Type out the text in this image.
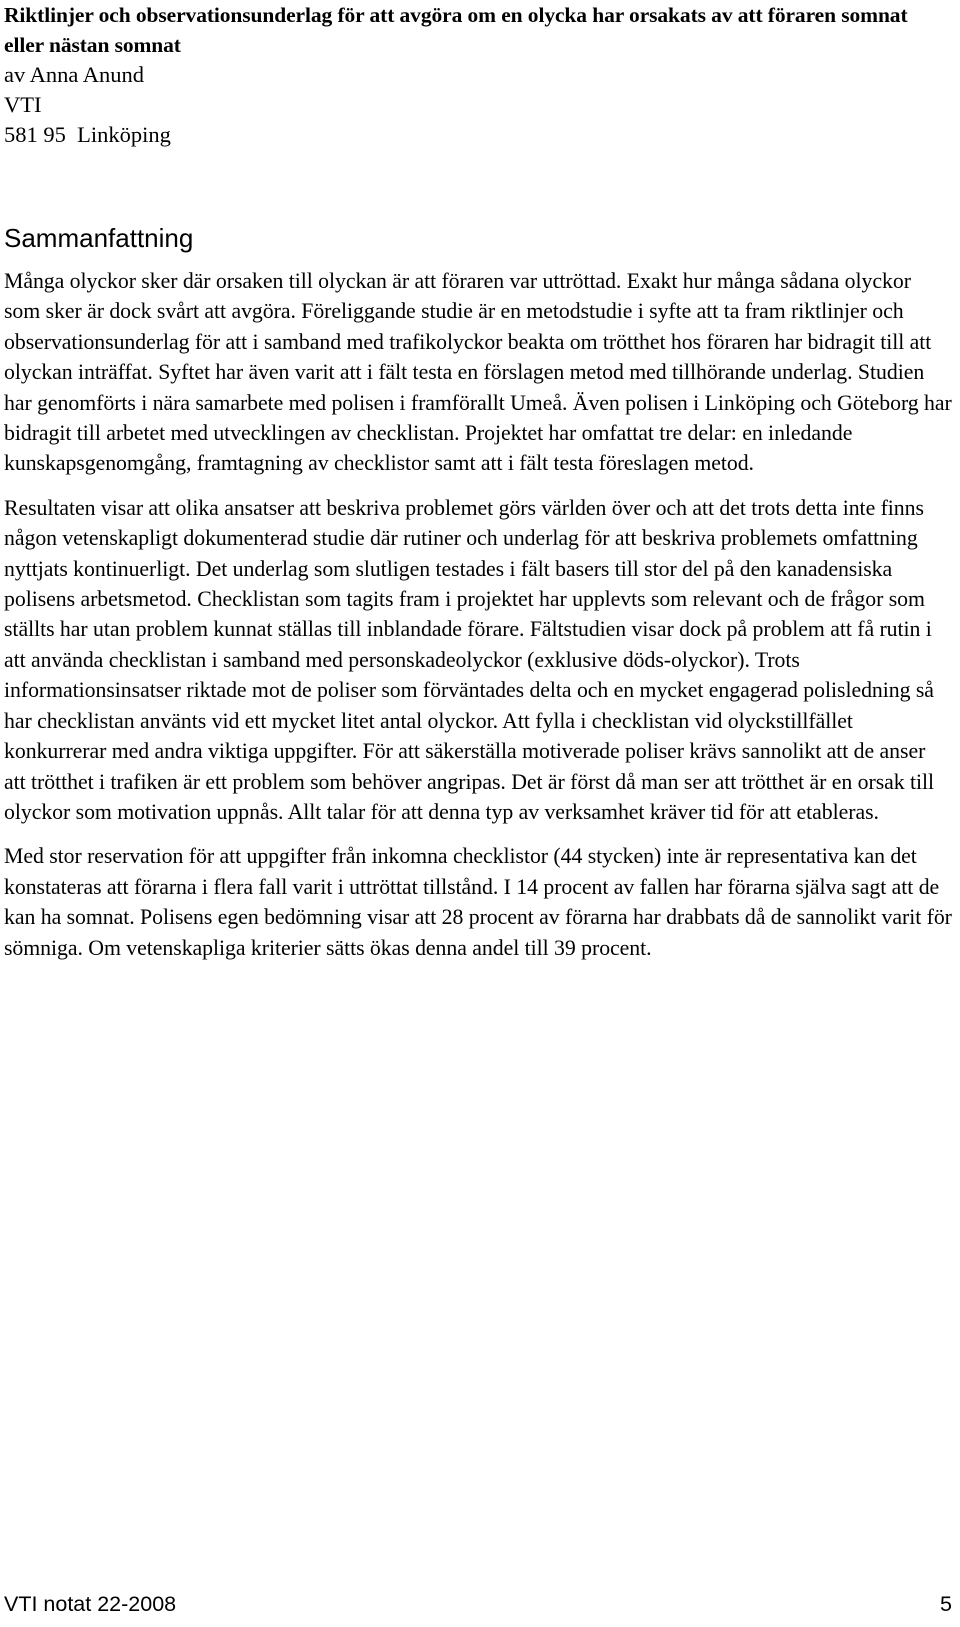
Riktlinjer och observationsunderlag för att avgöra om en olycka har orsakats av att föraren somnat eller nästan somnat
av Anna Anund
VTI
581 95  Linköping
Sammanfattning

Många olyckor sker där orsaken till olyckan är att föraren var uttröttad. Exakt hur många sådana olyckor som sker är dock svårt att avgöra. Föreliggande studie är en metodstudie i syfte att ta fram riktlinjer och observationsunderlag för att i samband med trafikolyckor beakta om trötthet hos föraren har bidragit till att olyckan inträffat. Syftet har även varit att i fält testa en förslagen metod med tillhörande underlag. Studien har genomförts i nära samarbete med polisen i framförallt Umeå. Även polisen i Linköping och Göteborg har bidragit till arbetet med utvecklingen av checklistan. Projektet har omfattat tre delar: en inledande kunskapsgenomgång, framtagning av checklistor samt att i fält testa föreslagen metod.

Resultaten visar att olika ansatser att beskriva problemet görs världen över och att det trots detta inte finns någon vetenskapligt dokumenterad studie där rutiner och underlag för att beskriva problemets omfattning nyttjats kontinuerligt. Det underlag som slutligen testades i fält basers till stor del på den kanadensiska polisens arbetsmetod. Checklistan som tagits fram i projektet har upplevts som relevant och de frågor som ställts har utan problem kunnat ställas till inblandade förare. Fältstudien visar dock på problem att få rutin i att använda checklistan i samband med personskadeolyckor (exklusive döds-olyckor). Trots informationsinsatser riktade mot de poliser som förväntades delta och en mycket engagerad polisledning så har checklistan använts vid ett mycket litet antal olyckor. Att fylla i checklistan vid olyckstillfället konkurrerar med andra viktiga uppgifter. För att säkerställa motiverade poliser krävs sannolikt att de anser att trötthet i trafiken är ett problem som behöver angripas. Det är först då man ser att trötthet är en orsak till olyckor som motivation uppnås. Allt talar för att denna typ av verksamhet kräver tid för att etableras.

Med stor reservation för att uppgifter från inkomna checklistor (44 stycken) inte är representativa kan det konstateras att förarna i flera fall varit i uttröttat tillstånd. I 14 procent av fallen har förarna själva sagt att de kan ha somnat. Polisens egen bedömning visar att 28 procent av förarna har drabbats då de sannolikt varit för sömniga. Om vetenskapliga kriterier sätts ökas denna andel till 39 procent.

VTI notat 22-2008	5
